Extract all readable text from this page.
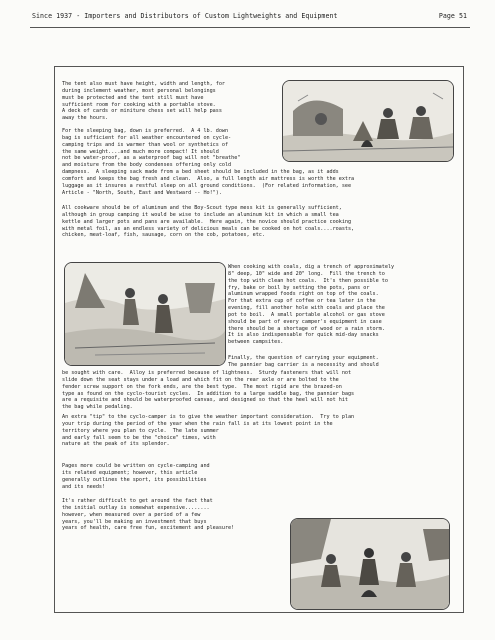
Since 1937 - Importers and Distributors of Custom Lightweights and Equipment	Page 51
The tent also must have height, width and length, for
during inclement weather, most personal belongings
must be protected and the tent still must have
sufficient room for cooking with a portable stove.
A deck of cards or miniture chess set will help pass
away the hours.
For the sleeping bag, down is preferred.  A 4 lb. down
bag is sufficient for all weather encountered on cycle-
camping trips and is warmer than wool or synthetics of
the same weight....and much more compact! It should
not be water-proof, as a waterproof bag will not "breathe"
and moisture from the body condenses offering only cold
dampness.  A sleeping sack made from a bed sheet should be included in the bag, as it adds
comfort and keeps the bag fresh and clean.  Also, a full length air mattress is worth the extra
luggage as it insures a restful sleep on all ground conditions.  (For related information, see
Article - "North, South, East and Westward -- Ho!").
All cookware should be of aluminum and the Boy-Scout type mess kit is generally sufficient,
although in group camping it would be wise to include an aluminum kit in which a small tea
kettle and larger pots and pans are available.  Here again, the novice should practice cooking
with metal foil, as an endless variety of delicious meals can be cooked on hot coals....roasts,
chicken, meat-loaf, fish, sausage, corn on the cob, potatoes, etc.
When cooking with coals, dig a trench of approximately
8" deep, 10" wide and 20" long.  Fill the trench to
the top with clean hot coals.  It's then possible to
fry, bake or boil by setting the pots, pans or
aluminum wrapped foods right on top of the coals.
For that extra cup of coffee or tea later in the
evening, fill another hole with coals and place the
pot to boil.  A small portable alcohol or gas stove
should be part of every camper's equipment in case
there should be a shortage of wood or a rain storm.
It is also indispensable for quick mid-day snacks
between campsites.
Finally, the question of carrying your equipment.
The pannier bag carrier is a necessity and should
be sought with care.  Alloy is preferred because of lightness.  Sturdy fasteners that will not
slide down the seat stays under a load and which fit on the rear axle or are bolted to the
fender screw support on the fork ends, are the best type.  The most rigid are the brazed-on
type as found on the cyclo-tourist cycles.  In addition to a large saddle bag, the pannier bags
are a requisite and should be waterproofed canvas, and designed so that the heel will not hit
the bag while pedaling.
An extra "tip" to the cyclo-camper is to give the weather important consideration.  Try to plan
your trip during the period of the year when the rain fall is at its lowest point in the
territory where you plan to cycle.  The late summer
and early fall seem to be the "choice" times, with
nature at the peak of its splendor.
Pages more could be written on cycle-camping and
its related equipment; however, this article
generally outlines the sport, its possibilities
and its needs!
It's rather difficult to get around the fact that
the initial outlay is somewhat expensive........
however, when measured over a period of a few
years, you'll be making an investment that buys
years of health, care free fun, excitement and pleasure!
